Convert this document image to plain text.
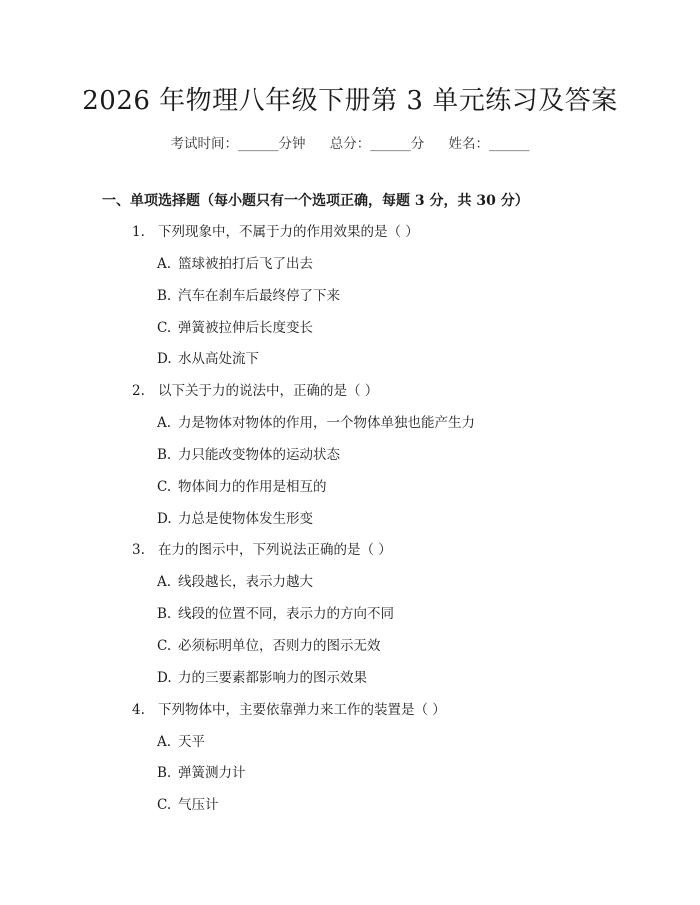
2026 年物理八年级下册第 3 单元练习及答案
考试时间：______分钟 总分：______分 姓名：______
一、单项选择题（每小题只有一个选项正确，每题 3 分，共 30 分）
1. 下列现象中，不属于力的作用效果的是（ ）
A. 篮球被拍打后飞了出去
B. 汽车在刹车后最终停了下来
C. 弹簧被拉伸后长度变长
D. 水从高处流下
2. 以下关于力的说法中，正确的是（ ）
A. 力是物体对物体的作用，一个物体单独也能产生力
B. 力只能改变物体的运动状态
C. 物体间力的作用是相互的
D. 力总是使物体发生形变
3. 在力的图示中，下列说法正确的是（ ）
A. 线段越长，表示力越大
B. 线段的位置不同，表示力的方向不同
C. 必须标明单位，否则力的图示无效
D. 力的三要素都影响力的图示效果
4. 下列物体中，主要依靠弹力来工作的装置是（ ）
A. 天平
B. 弹簧测力计
C. 气压计
